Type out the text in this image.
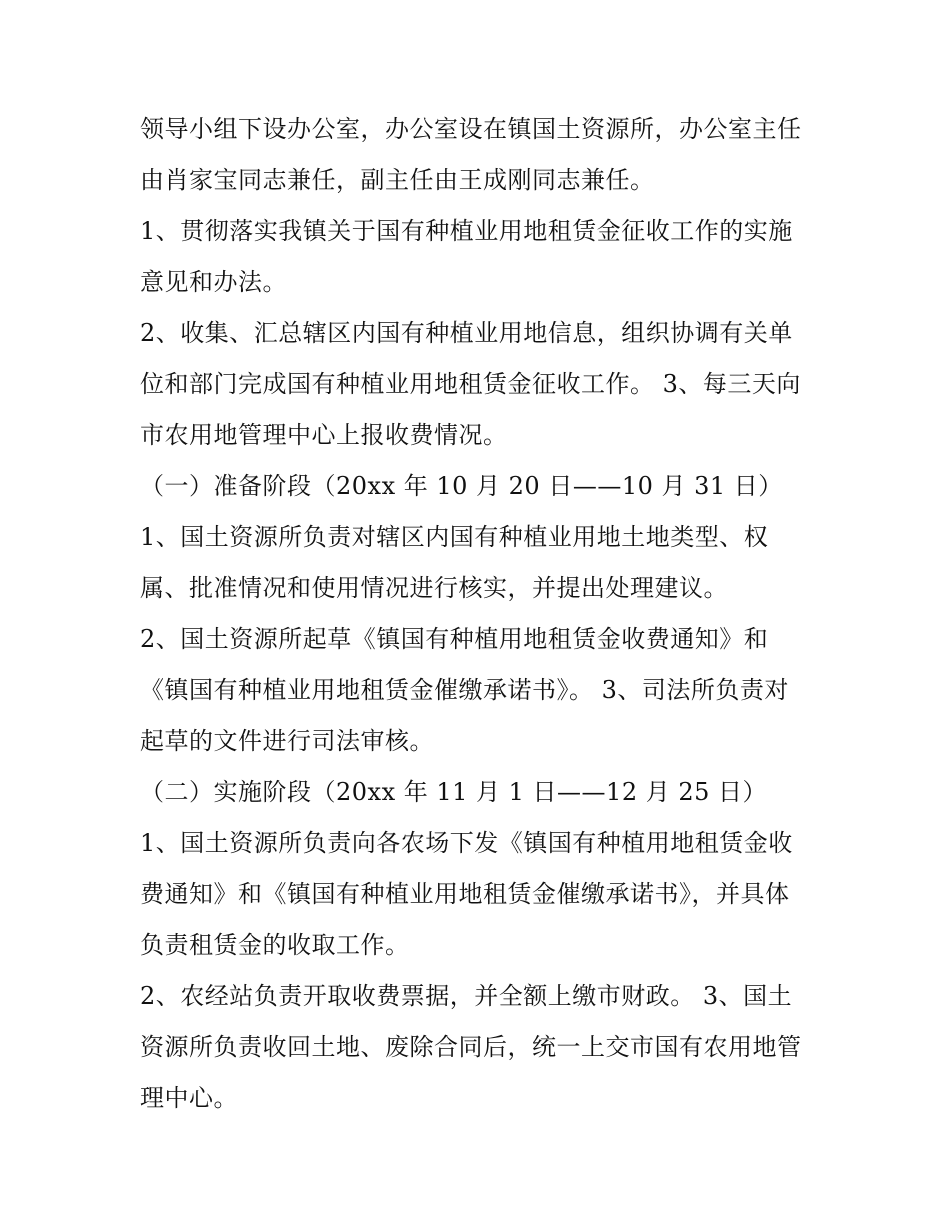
领导小组下设办公室，办公室设在镇国土资源所，办公室主任
由肖家宝同志兼任，副主任由王成刚同志兼任。
1、贯彻落实我镇关于国有种植业用地租赁金征收工作的实施
意见和办法。
2、收集、汇总辖区内国有种植业用地信息，组织协调有关单
位和部门完成国有种植业用地租赁金征收工作。 3、每三天向
市农用地管理中心上报收费情况。
（一）准备阶段（20xx 年 10 月 20 日——10 月 31 日）
1、国土资源所负责对辖区内国有种植业用地土地类型、权
属、批准情况和使用情况进行核实，并提出处理建议。
2、国土资源所起草《镇国有种植用地租赁金收费通知》和
《镇国有种植业用地租赁金催缴承诺书》。 3、司法所负责对
起草的文件进行司法审核。
（二）实施阶段（20xx 年 11 月 1 日——12 月 25 日）
1、国土资源所负责向各农场下发《镇国有种植用地租赁金收
费通知》和《镇国有种植业用地租赁金催缴承诺书》，并具体
负责租赁金的收取工作。
2、农经站负责开取收费票据，并全额上缴市财政。 3、国土
资源所负责收回土地、废除合同后，统一上交市国有农用地管
理中心。
